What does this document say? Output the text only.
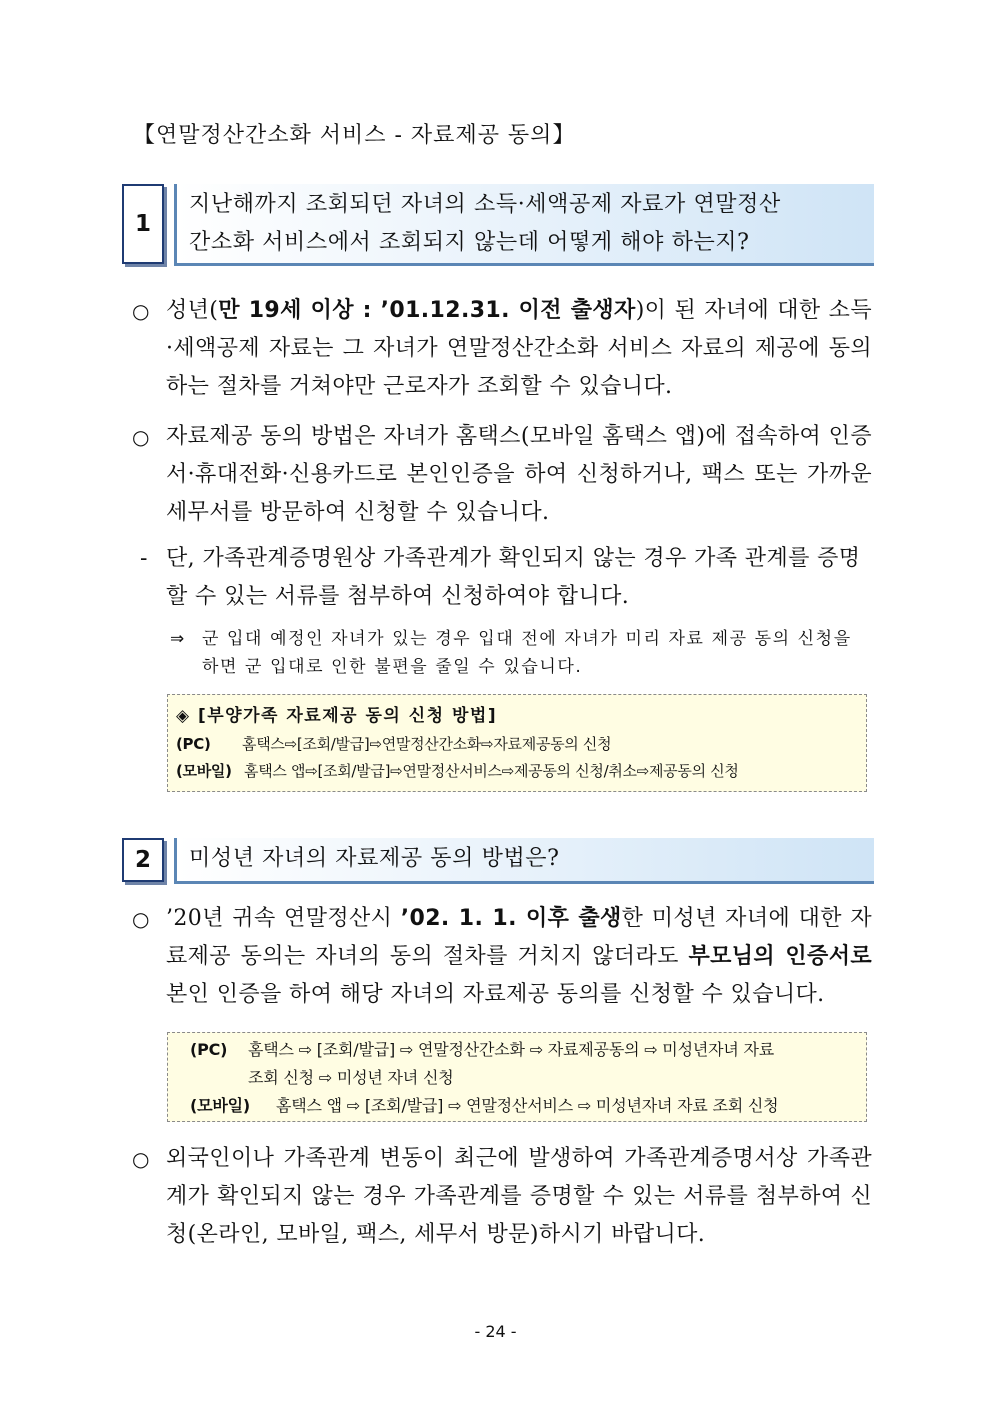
【연말정산간소화 서비스 - 자료제공 동의】
1
지난해까지 조회되던 자녀의 소득·세액공제 자료가 연말정산
간소화 서비스에서 조회되지 않는데 어떻게 해야 하는지?
○ 성년(만 19세 이상 : ’01.12.31. 이전 출생자)이 된 자녀에 대한 소득·세액공제 자료는 그 자녀가 연말정산간소화 서비스 자료의 제공에 동의하는 절차를 거쳐야만 근로자가 조회할 수 있습니다.
○ 자료제공 동의 방법은 자녀가 홈택스(모바일 홈택스 앱)에 접속하여 인증서·휴대전화·신용카드로 본인인증을 하여 신청하거나, 팩스 또는 가까운 세무서를 방문하여 신청할 수 있습니다.
- 단, 가족관계증명원상 가족관계가 확인되지 않는 경우 가족 관계를 증명할 수 있는 서류를 첨부하여 신청하여야 합니다.
⇒ 군 입대 예정인 자녀가 있는 경우 입대 전에 자녀가 미리 자료 제공 동의 신청을 하면 군 입대로 인한 불편을 줄일 수 있습니다.
◈ [부양가족 자료제공 동의 신청 방법]
(PC) 홈택스⇨[조회/발급]⇨연말정산간소화⇨자료제공동의 신청
(모바일) 홈택스 앱⇨[조회/발급]⇨연말정산서비스⇨제공동의 신청/취소⇨제공동의 신청
2	미성년 자녀의 자료제공 동의 방법은?
○ ’20년 귀속 연말정산시 ’02. 1. 1. 이후 출생한 미성년 자녀에 대한 자료제공 동의는 자녀의 동의 절차를 거치지 않더라도 부모님의 인증서로 본인 인증을 하여 해당 자녀의 자료제공 동의를 신청할 수 있습니다.
(PC) 홈택스 ⇨ [조회/발급] ⇨ 연말정산간소화 ⇨ 자료제공동의 ⇨ 미성년자녀 자료
조회 신청 ⇨ 미성년 자녀 신청
(모바일) 홈택스 앱 ⇨ [조회/발급] ⇨ 연말정산서비스 ⇨ 미성년자녀 자료 조회 신청
○ 외국인이나 가족관계 변동이 최근에 발생하여 가족관계증명서상 가족관계가 확인되지 않는 경우 가족관계를 증명할 수 있는 서류를 첨부하여 신청(온라인, 모바일, 팩스, 세무서 방문)하시기 바랍니다.
- 24 -
